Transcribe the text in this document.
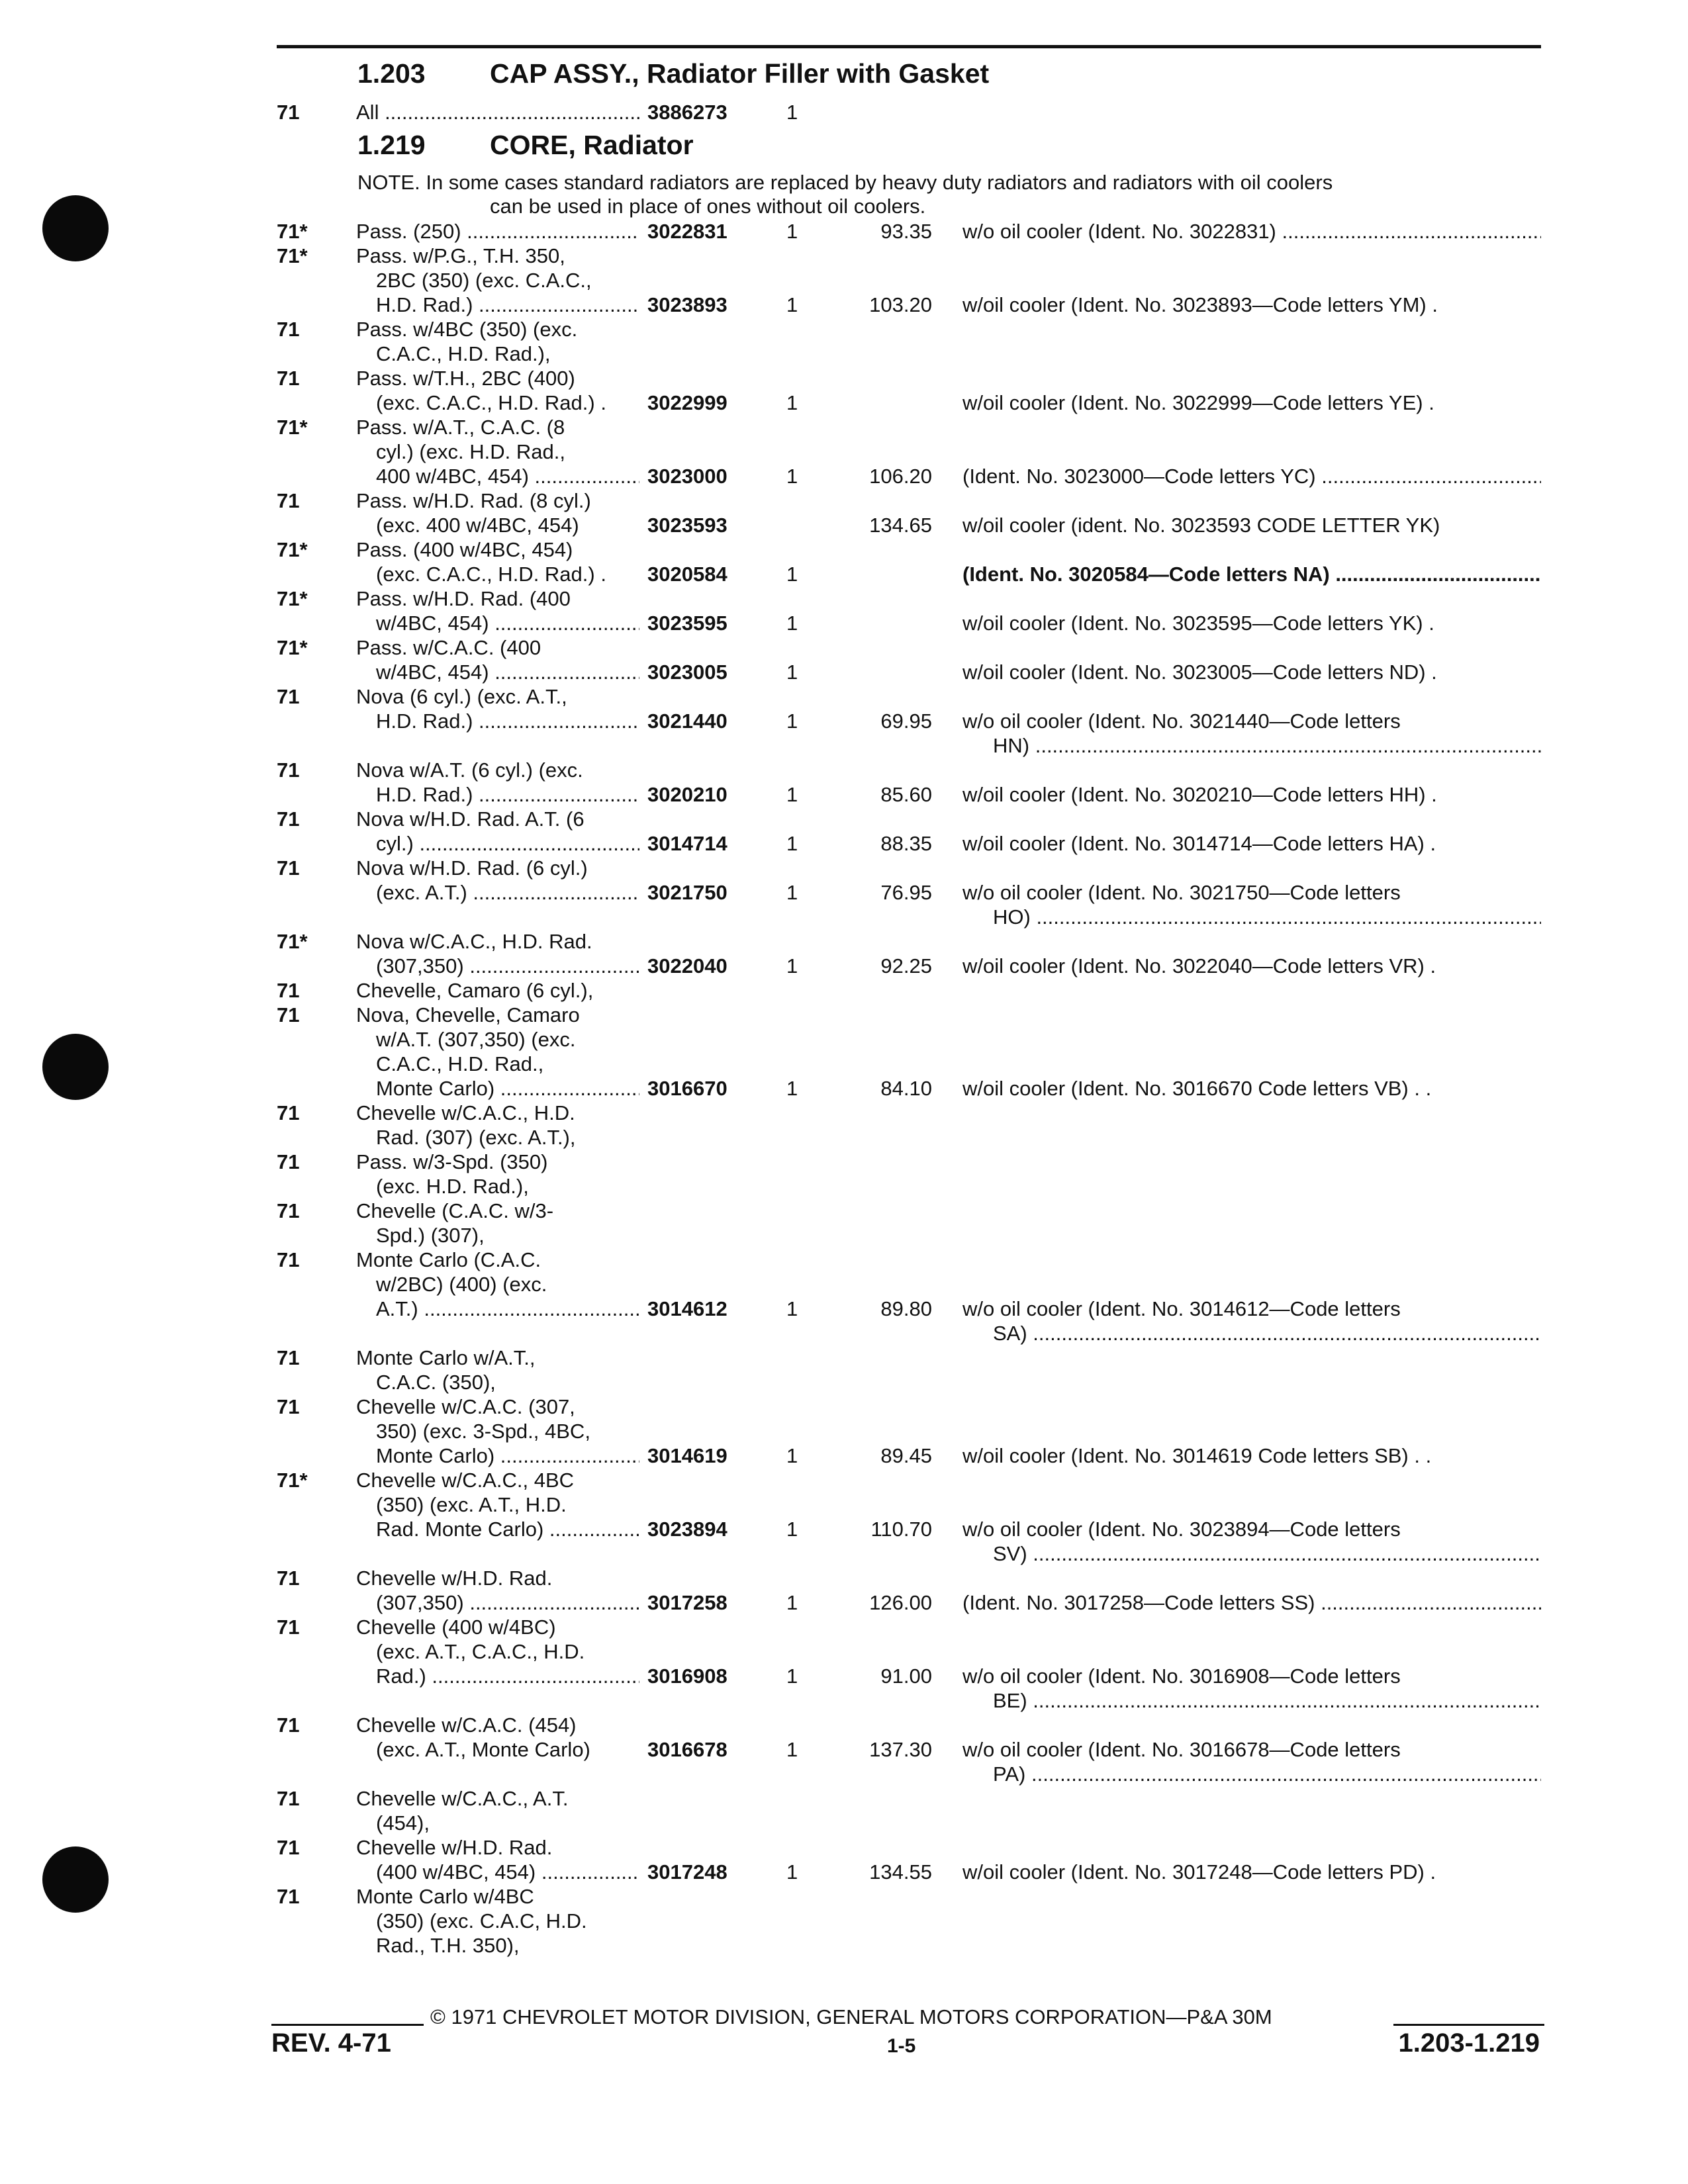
1.203 CAP ASSY., Radiator Filler with Gasket
1.219 CORE, Radiator
NOTE. In some cases standard radiators are replaced by heavy duty radiators and radiators with oil coolers
can be used in place of ones without oil coolers.
71	All .....	3886273	1
71* Pass. (250) .....	3022831	1	93.35 w/o oil cooler (Ident. No. 3022831) .....
71* Pass. w/P.G., T.H. 350,
2BC (350) (exc. C.A.C.,
H.D. Rad.) .....	3023893	1	103.20 w/oil cooler (Ident. No. 3023893—Code letters YM) .
71	Pass. w/4BC (350) (exc.
C.A.C., H.D. Rad.),
71	Pass. w/T.H., 2BC (400)
(exc. C.A.C., H.D. Rad.) .	3022999	1	w/oil cooler (Ident. No. 3022999—Code letters YE) .
71* Pass. w/A.T., C.A.C. (8
cyl.) (exc. H.D. Rad.,
400 w/4BC, 454) .....	3023000	1	106.20 (Ident. No. 3023000—Code letters YC) .....
71	Pass. w/H.D. Rad. (8 cyl.)
(exc. 400 w/4BC, 454)	3023593	134.65 w/oil cooler (ident. No. 3023593 CODE LETTER YK)
71* Pass. (400 w/4BC, 454)
(exc. C.A.C., H.D. Rad.) .	3020584	1	(Ident. No. 3020584—Code letters NA) .....
71* Pass. w/H.D. Rad. (400
w/4BC, 454) .....	3023595	1	w/oil cooler (Ident. No. 3023595—Code letters YK) .
71* Pass. w/C.A.C. (400
w/4BC, 454) .....	3023005	1	w/oil cooler (Ident. No. 3023005—Code letters ND) .
71	Nova (6 cyl.) (exc. A.T.,
H.D. Rad.) .....	3021440	1	69.95 w/o oil cooler (Ident. No. 3021440—Code letters
HN) .....
71	Nova w/A.T. (6 cyl.) (exc.
H.D. Rad.) .....	3020210	1	85.60 w/oil cooler (Ident. No. 3020210—Code letters HH) .
71	Nova w/H.D. Rad. A.T. (6
cyl.) .....	3014714	1	88.35 w/oil cooler (Ident. No. 3014714—Code letters HA) .
71	Nova w/H.D. Rad. (6 cyl.)
(exc. A.T.) .....	3021750	1	76.95 w/o oil cooler (Ident. No. 3021750—Code letters
HO) .....
71* Nova w/C.A.C., H.D. Rad.
(307,350) .....	3022040	1	92.25 w/oil cooler (Ident. No. 3022040—Code letters VR) .
71	Chevelle, Camaro (6 cyl.),
71	Nova, Chevelle, Camaro
w/A.T. (307,350) (exc.
C.A.C., H.D. Rad.,
Monte Carlo) .....	3016670	1	84.10 w/oil cooler (Ident. No. 3016670 Code letters VB) . .
71	Chevelle w/C.A.C., H.D.
Rad. (307) (exc. A.T.),
71	Pass. w/3-Spd. (350)
(exc. H.D. Rad.),
71	Chevelle (C.A.C. w/3-
Spd.) (307),
71	Monte Carlo (C.A.C.
w/2BC) (400) (exc.
A.T.) .....	3014612	1	89.80 w/o oil cooler (Ident. No. 3014612—Code letters
SA) .....
71	Monte Carlo w/A.T.,
C.A.C. (350),
71	Chevelle w/C.A.C. (307,
350) (exc. 3-Spd., 4BC,
Monte Carlo) .....	3014619	1	89.45 w/oil cooler (Ident. No. 3014619 Code letters SB) . .
71* Chevelle w/C.A.C., 4BC
(350) (exc. A.T., H.D.
Rad. Monte Carlo) .....	3023894	1	110.70 w/o oil cooler (Ident. No. 3023894—Code letters
SV) .....
71	Chevelle w/H.D. Rad.
(307,350) .....	3017258	1	126.00 (Ident. No. 3017258—Code letters SS) .....
71	Chevelle (400 w/4BC)
(exc. A.T., C.A.C., H.D.
Rad.) .....	3016908	1	91.00 w/o oil cooler (Ident. No. 3016908—Code letters
BE) .....
71	Chevelle w/C.A.C. (454)
(exc. A.T., Monte Carlo)	3016678	1	137.30 w/o oil cooler (Ident. No. 3016678—Code letters
PA) .....
71	Chevelle w/C.A.C., A.T.
(454),
71	Chevelle w/H.D. Rad.
(400 w/4BC, 454) .....	3017248	1	134.55 w/oil cooler (Ident. No. 3017248—Code letters PD) .
71	Monte Carlo w/4BC
(350) (exc. C.A.C, H.D.
Rad., T.H. 350),
© 1971 CHEVROLET MOTOR DIVISION, GENERAL MOTORS CORPORATION—P&A 30M
REV. 4-71	1-5	1.203-1.219
